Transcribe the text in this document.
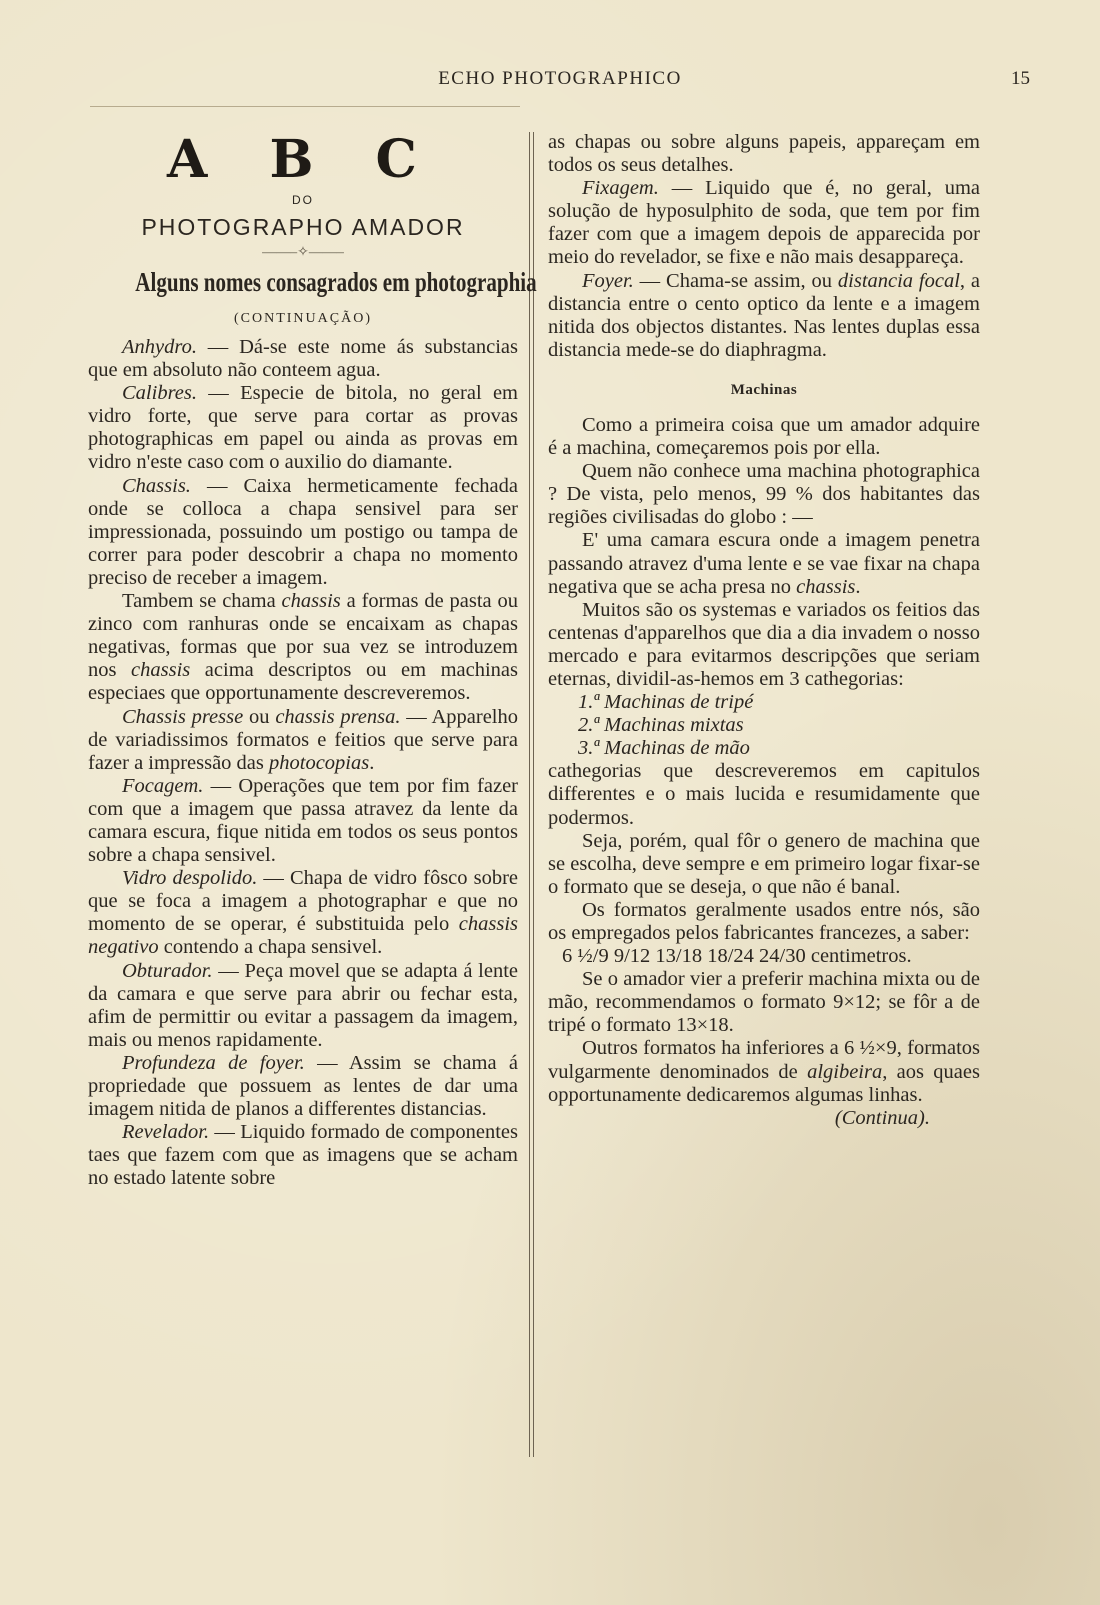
ECHO PHOTOGRAPHICO	15
A B C
DO
PHOTOGRAPHO AMADOR
——–✧——–
Alguns nomes consagrados em photographia
(CONTINUAÇÃO)

Anhydro. — Dá-se este nome ás substancias que em absoluto não conteem agua.

Calibres. — Especie de bitola, no geral em vidro forte, que serve para cortar as provas photographicas em papel ou ainda as provas em vidro n'este caso com o auxilio do diamante.

Chassis. — Caixa hermeticamente fechada onde se colloca a chapa sensivel para ser impressionada, possuindo um postigo ou tampa de correr para poder descobrir a chapa no momento preciso de receber a imagem.

Tambem se chama chassis a formas de pasta ou zinco com ranhuras onde se encaixam as chapas negativas, formas que por sua vez se introduzem nos chassis acima descriptos ou em machinas especiaes que opportunamente descreveremos.

Chassis presse ou chassis prensa. — Apparelho de variadissimos formatos e feitios que serve para fazer a impressão das photocopias.

Focagem. — Operações que tem por fim fazer com que a imagem que passa atravez da lente da camara escura, fique nitida em todos os seus pontos sobre a chapa sensivel.

Vidro despolido. — Chapa de vidro fôsco sobre que se foca a imagem a photographar e que no momento de se operar, é substituida pelo chassis negativo contendo a chapa sensivel.

Obturador. — Peça movel que se adapta á lente da camara e que serve para abrir ou fechar esta, afim de permittir ou evitar a passagem da imagem, mais ou menos rapidamente.

Profundeza de foyer. — Assim se chama á propriedade que possuem as lentes de dar uma imagem nitida de planos a differentes distancias.

Revelador. — Liquido formado de componentes taes que fazem com que as imagens que se acham no estado latente sobre

as chapas ou sobre alguns papeis, appareçam em todos os seus detalhes.

Fixagem. — Liquido que é, no geral, uma solução de hyposulphito de soda, que tem por fim fazer com que a imagem depois de apparecida por meio do revelador, se fixe e não mais desappareça.

Foyer. — Chama-se assim, ou distancia focal, a distancia entre o cento optico da lente e a imagem nitida dos objectos distantes. Nas lentes duplas essa distancia mede-se do diaphragma.

Machinas

Como a primeira coisa que um amador adquire é a machina, começaremos pois por ella.

Quem não conhece uma machina photographica ? De vista, pelo menos, 99 % dos habitantes das regiões civilisadas do globo : —

E' uma camara escura onde a imagem penetra passando atravez d'uma lente e se vae fixar na chapa negativa que se acha presa no chassis.

Muitos são os systemas e variados os feitios das centenas d'apparelhos que dia a dia invadem o nosso mercado e para evitarmos descripções que seriam eternas, dividil-as-hemos em 3 cathegorias:

1.ª Machinas de tripé
2.ª Machinas mixtas
3.ª Machinas de mão

cathegorias que descreveremos em capitulos differentes e o mais lucida e resumidamente que podermos.

Seja, porém, qual fôr o genero de machina que se escolha, deve sempre e em primeiro logar fixar-se o formato que se deseja, o que não é banal.

Os formatos geralmente usados entre nós, são os empregados pelos fabricantes francezes, a saber:

6 ½/9 9/12 13/18 18/24 24/30 centimetros.

Se o amador vier a preferir machina mixta ou de mão, recommendamos o formato 9×12; se fôr a de tripé o formato 13×18.

Outros formatos ha inferiores a 6 ½×9, formatos vulgarmente denominados de algibeira, aos quaes opportunamente dedicaremos algumas linhas.

(Continua).
